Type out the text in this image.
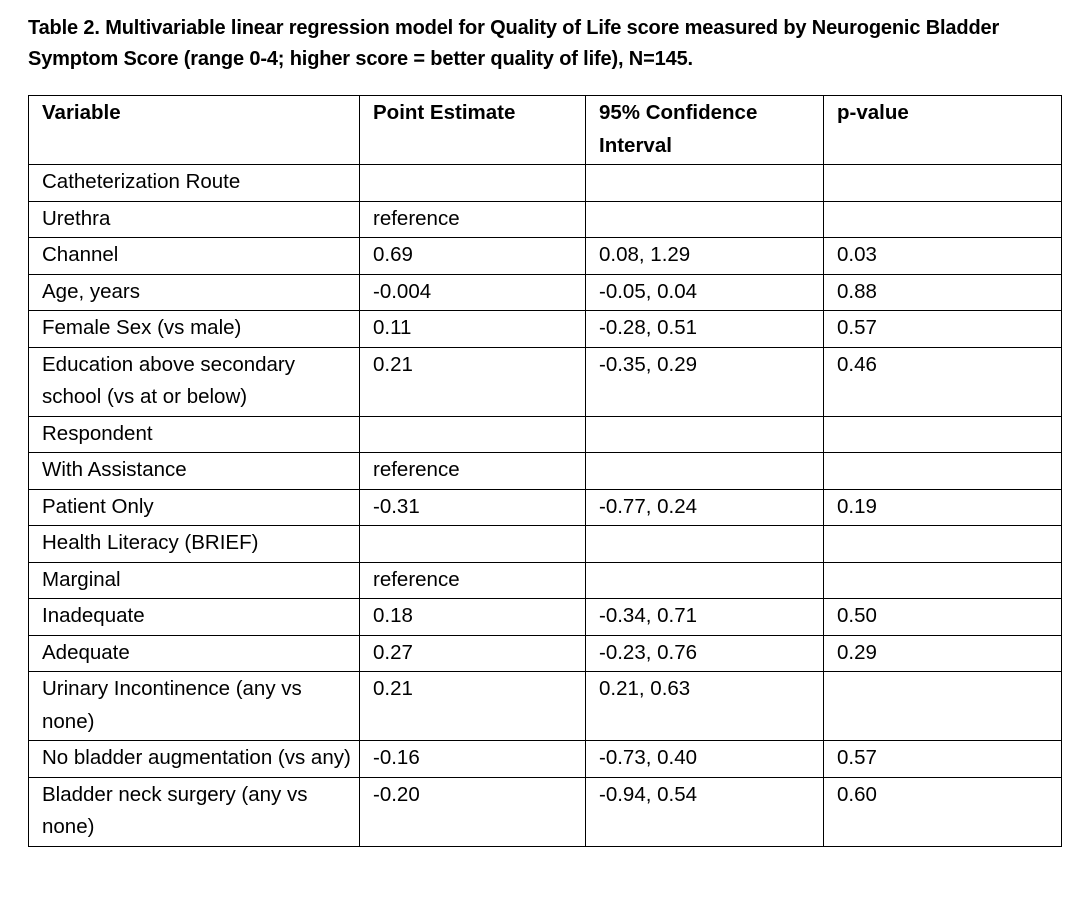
Table 2. Multivariable linear regression model for Quality of Life score measured by Neurogenic Bladder Symptom Score (range 0-4; higher score = better quality of life), N=145.

Variable	Point Estimate	95% Confidence Interval	p-value
Catheterization Route			
Urethra	reference		
Channel	0.69	0.08, 1.29	0.03
Age, years	-0.004	-0.05, 0.04	0.88
Female Sex (vs male)	0.11	-0.28, 0.51	0.57
Education above secondary school (vs at or below)	0.21	-0.35, 0.29	0.46
Respondent			
With Assistance	reference		
Patient Only	-0.31	-0.77, 0.24	0.19
Health Literacy (BRIEF)			
Marginal	reference		
Inadequate	0.18	-0.34, 0.71	0.50
Adequate	0.27	-0.23, 0.76	0.29
Urinary Incontinence (any vs none)	0.21	0.21, 0.63	
No bladder augmentation (vs any)	-0.16	-0.73, 0.40	0.57
Bladder neck surgery (any vs none)	-0.20	-0.94, 0.54	0.60
